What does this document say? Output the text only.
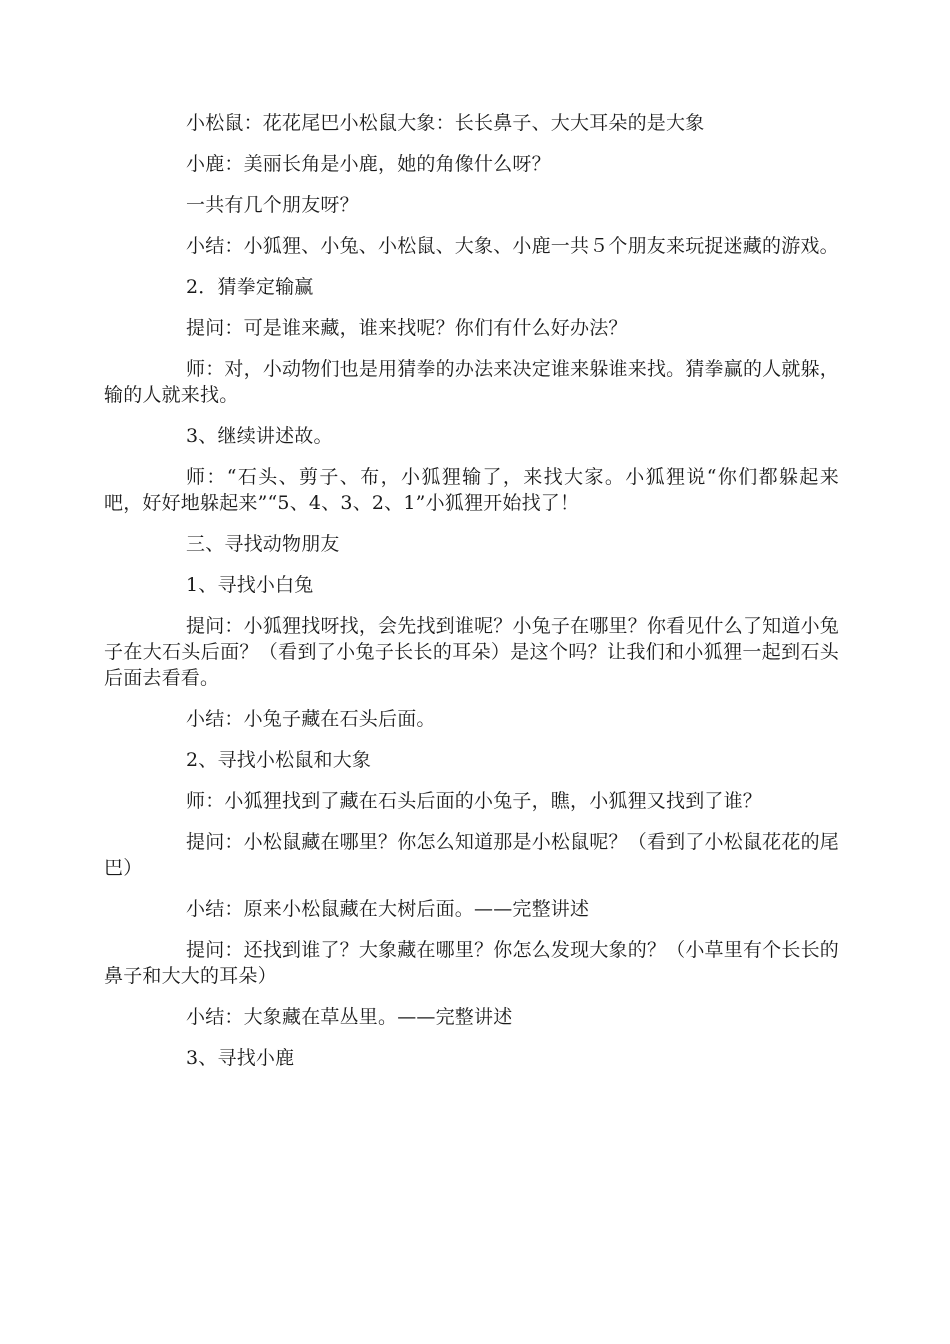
小松鼠：花花尾巴小松鼠大象：长长鼻子、大大耳朵的是大象

小鹿：美丽长角是小鹿，她的角像什么呀？

一共有几个朋友呀？

小结：小狐狸、小兔、小松鼠、大象、小鹿一共５个朋友来玩捉迷藏的游戏。

2．猜拳定输赢

提问：可是谁来藏，谁来找呢？你们有什么好办法？

师：对，小动物们也是用猜拳的办法来决定谁来躲谁来找。猜拳赢的人就躲，输的人就来找。

3、继续讲述故。

师：“石头、剪子、布，小狐狸输了，来找大家。小狐狸说“你们都躲起来吧，好好地躲起来”“5、4、3、2、1”小狐狸开始找了！

三、寻找动物朋友

1、寻找小白兔

提问：小狐狸找呀找，会先找到谁呢？小兔子在哪里？你看见什么了知道小兔子在大石头后面？（看到了小兔子长长的耳朵）是这个吗？让我们和小狐狸一起到石头后面去看看。

小结：小兔子藏在石头后面。

2、寻找小松鼠和大象

师：小狐狸找到了藏在石头后面的小兔子，瞧，小狐狸又找到了谁？

提问：小松鼠藏在哪里？你怎么知道那是小松鼠呢？（看到了小松鼠花花的尾巴）

小结：原来小松鼠藏在大树后面。——完整讲述

提问：还找到谁了？大象藏在哪里？你怎么发现大象的？（小草里有个长长的鼻子和大大的耳朵）

小结：大象藏在草丛里。——完整讲述

3、寻找小鹿
